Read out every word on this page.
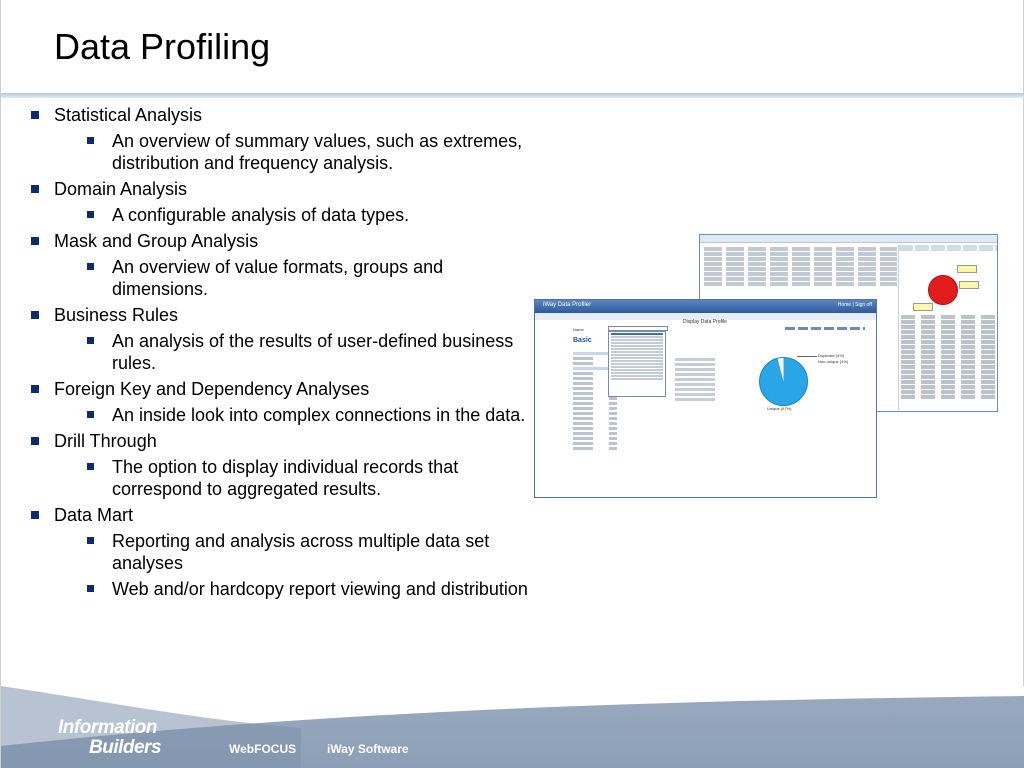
Data Profiling
Statistical Analysis
An overview of summary values, such as extremes, distribution and frequency analysis.
Domain Analysis
A configurable analysis of data types.
Mask and Group Analysis
An overview of value formats, groups and dimensions.
Business Rules
An analysis of the results of user-defined business rules.
Foreign Key and Dependency Analyses
An inside look into complex connections in the data.
Drill Through
The option to display individual records that correspond to aggregated results.
Data Mart
Reporting and analysis across multiple data set analyses
Web and/or hardcopy report viewing and distribution
iWay Data Profiler	Home | Sign off
Display Data Profile
Name
Basic
Duplicate (4%)
Non-unique (4%)
Unique (97%)
Information
Builders	WebFOCUS	iWay Software
